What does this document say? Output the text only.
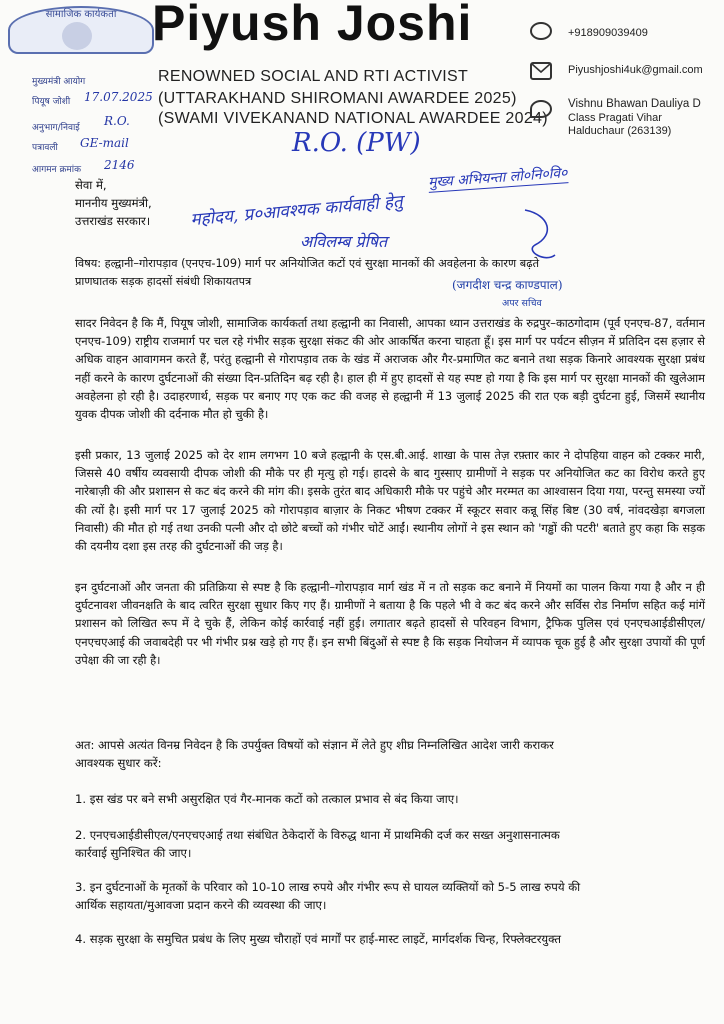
सामाजिक कार्यकर्ता Piyush Joshi
RENOWNED SOCIAL AND RTI ACTIVIST
(UTTARAKHAND SHIROMANI AWARDEE 2025)
(SWAMI VIVEKANAND NATIONAL AWARDEE 2024)
+918909039409
Piyushjoshi4uk@gmail.com
Vishnu Bhawan Dauliya D
Class Pragati Vihar
Halduchaur (263139)
मुख्यमंत्री आयोग
पियूष जोशी 17.07.2025
अनुभाग/निवाई R.O.
पत्रावली GE-mail
आगमन क्रमांक 2146
R.O. (PW)
मुख्य अभियन्ता लो०नि०वि०
महोदय, प्र०आवश्यक कार्यवाही हेतु
अविलम्ब प्रेषित
(जगदीश चन्द्र काण्डपाल)
अपर सचिव
सेवा में,
माननीय मुख्यमंत्री,
उत्तराखंड सरकार।
विषय: हल्द्वानी–गोरापड़ाव (एनएच-109) मार्ग पर अनियोजित कटों एवं सुरक्षा मानकों की अवहेलना के कारण बढ़ते
प्राणघातक सड़क हादसों संबंधी शिकायतपत्र
सादर निवेदन है कि मैं, पियूष जोशी, सामाजिक कार्यकर्ता तथा हल्द्वानी का निवासी, आपका ध्यान उत्तराखंड के रुद्रपुर–काठगोदाम (पूर्व एनएच-87, वर्तमान एनएच-109) राष्ट्रीय राजमार्ग पर चल रहे गंभीर सड़क सुरक्षा संकट की ओर आकर्षित करना चाहता हूँ। इस मार्ग पर पर्यटन सीज़न में प्रतिदिन दस हज़ार से अधिक वाहन आवागमन करते हैं, परंतु हल्द्वानी से गोरापड़ाव तक के खंड में अराजक और गैर-प्रमाणित कट बनाने तथा सड़क किनारे आवश्यक सुरक्षा प्रबंध नहीं करने के कारण दुर्घटनाओं की संख्या दिन-प्रतिदिन बढ़ रही है। हाल ही में हुए हादसों से यह स्पष्ट हो गया है कि इस मार्ग पर सुरक्षा मानकों की खुलेआम अवहेलना हो रही है। उदाहरणार्थ, सड़क पर बनाए गए एक कट की वजह से हल्द्वानी में 13 जुलाई 2025 की रात एक बड़ी दुर्घटना हुई, जिसमें स्थानीय युवक दीपक जोशी की दर्दनाक मौत हो चुकी है।
इसी प्रकार, 13 जुलाई 2025 को देर शाम लगभग 10 बजे हल्द्वानी के एस.बी.आई. शाखा के पास तेज़ रफ़्तार कार ने दोपहिया वाहन को टक्कर मारी, जिससे 40 वर्षीय व्यवसायी दीपक जोशी की मौके पर ही मृत्यु हो गई। हादसे के बाद गुस्साए ग्रामीणों ने सड़क पर अनियोजित कट का विरोध करते हुए नारेबाज़ी की और प्रशासन से कट बंद करने की मांग की। इसके तुरंत बाद अधिकारी मौके पर पहुंचे और मरम्मत का आश्वासन दिया गया, परन्तु समस्या ज्यों की त्यों है। इसी मार्ग पर 17 जुलाई 2025 को गोरापड़ाव बाज़ार के निकट भीषण टक्कर में स्कूटर सवार कन्नू सिंह बिष्ट (30 वर्ष, नांवदखेड़ा बगजला निवासी) की मौत हो गई तथा उनकी पत्नी और दो छोटे बच्चों को गंभीर चोटें आईं। स्थानीय लोगों ने इस स्थान को 'गड्ढों की पटरी' बताते हुए कहा कि सड़क की दयनीय दशा इस तरह की दुर्घटनाओं की जड़ है।
इन दुर्घटनाओं और जनता की प्रतिक्रिया से स्पष्ट है कि हल्द्वानी–गोरापड़ाव मार्ग खंड में न तो सड़क कट बनाने में नियमों का पालन किया गया है और न ही दुर्घटनावश जीवनक्षति के बाद त्वरित सुरक्षा सुधार किए गए हैं। ग्रामीणों ने बताया है कि पहले भी वे कट बंद करने और सर्विस रोड निर्माण सहित कई मांगें प्रशासन को लिखित रूप में दे चुके हैं, लेकिन कोई कार्रवाई नहीं हुई। लगातार बढ़ते हादसों से परिवहन विभाग, ट्रैफिक पुलिस एवं एनएचआईडीसीएल/एनएचएआई की जवाबदेही पर भी गंभीर प्रश्न खड़े हो गए हैं। इन सभी बिंदुओं से स्पष्ट है कि सड़क नियोजन में व्यापक चूक हुई है और सुरक्षा उपायों की पूर्ण उपेक्षा की जा रही है।
अत: आपसे अत्यंत विनम्र निवेदन है कि उपर्युक्त विषयों को संज्ञान में लेते हुए शीघ्र निम्नलिखित आदेश जारी कराकर
आवश्यक सुधार करें:
1. इस खंड पर बने सभी असुरक्षित एवं गैर-मानक कटों को तत्काल प्रभाव से बंद किया जाए।
2. एनएचआईडीसीएल/एनएचएआई तथा संबंधित ठेकेदारों के विरुद्ध थाना में प्राथमिकी दर्ज कर सख्त अनुशासनात्मक
कार्रवाई सुनिश्चित की जाए।
3. इन दुर्घटनाओं के मृतकों के परिवार को 10-10 लाख रुपये और गंभीर रूप से घायल व्यक्तियों को 5-5 लाख रुपये की
आर्थिक सहायता/मुआवजा प्रदान करने की व्यवस्था की जाए।
4. सड़क सुरक्षा के समुचित प्रबंध के लिए मुख्य चौराहों एवं मार्गों पर हाई-मास्ट लाइटें, मार्गदर्शक चिन्ह, रिफ्लेक्टरयुक्त
